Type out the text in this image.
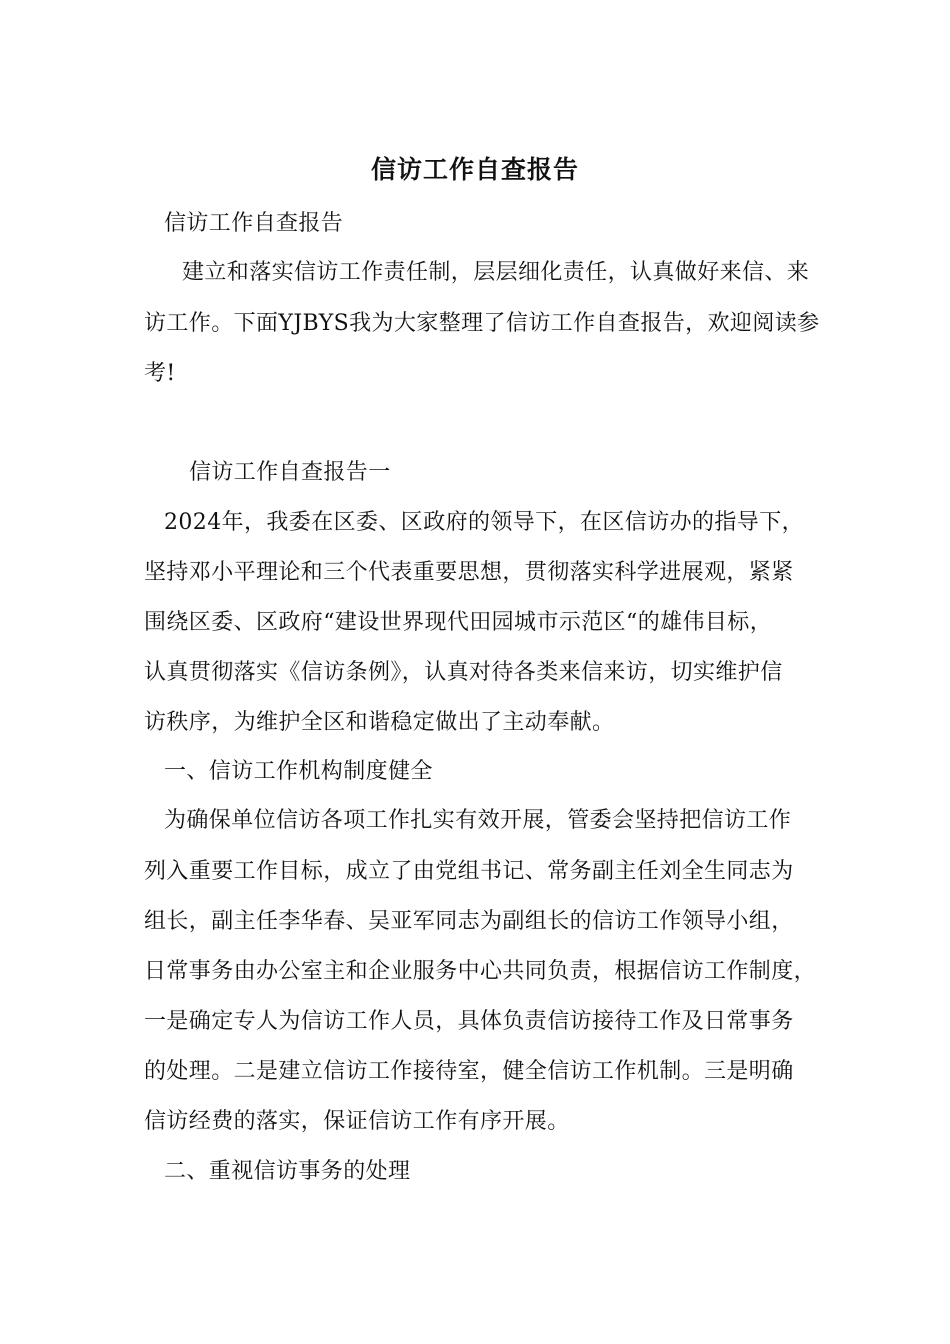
信访工作自查报告
信访工作自查报告
建立和落实信访工作责任制，层层细化责任，认真做好来信、来
访工作。下面YJBYS我为大家整理了信访工作自查报告，欢迎阅读参
考!
信访工作自查报告一
2024年，我委在区委、区政府的领导下，在区信访办的指导下，
坚持邓小平理论和三个代表重要思想，贯彻落实科学进展观，紧紧
围绕区委、区政府“建设世界现代田园城市示范区“的雄伟目标，
认真贯彻落实《信访条例》，认真对待各类来信来访，切实维护信
访秩序，为维护全区和谐稳定做出了主动奉献。
一、信访工作机构制度健全
为确保单位信访各项工作扎实有效开展，管委会坚持把信访工作
列入重要工作目标，成立了由党组书记、常务副主任刘全生同志为
组长，副主任李华春、吴亚军同志为副组长的信访工作领导小组，
日常事务由办公室主和企业服务中心共同负责，根据信访工作制度，
一是确定专人为信访工作人员，具体负责信访接待工作及日常事务
的处理。二是建立信访工作接待室，健全信访工作机制。三是明确
信访经费的落实，保证信访工作有序开展。
二、重视信访事务的处理
